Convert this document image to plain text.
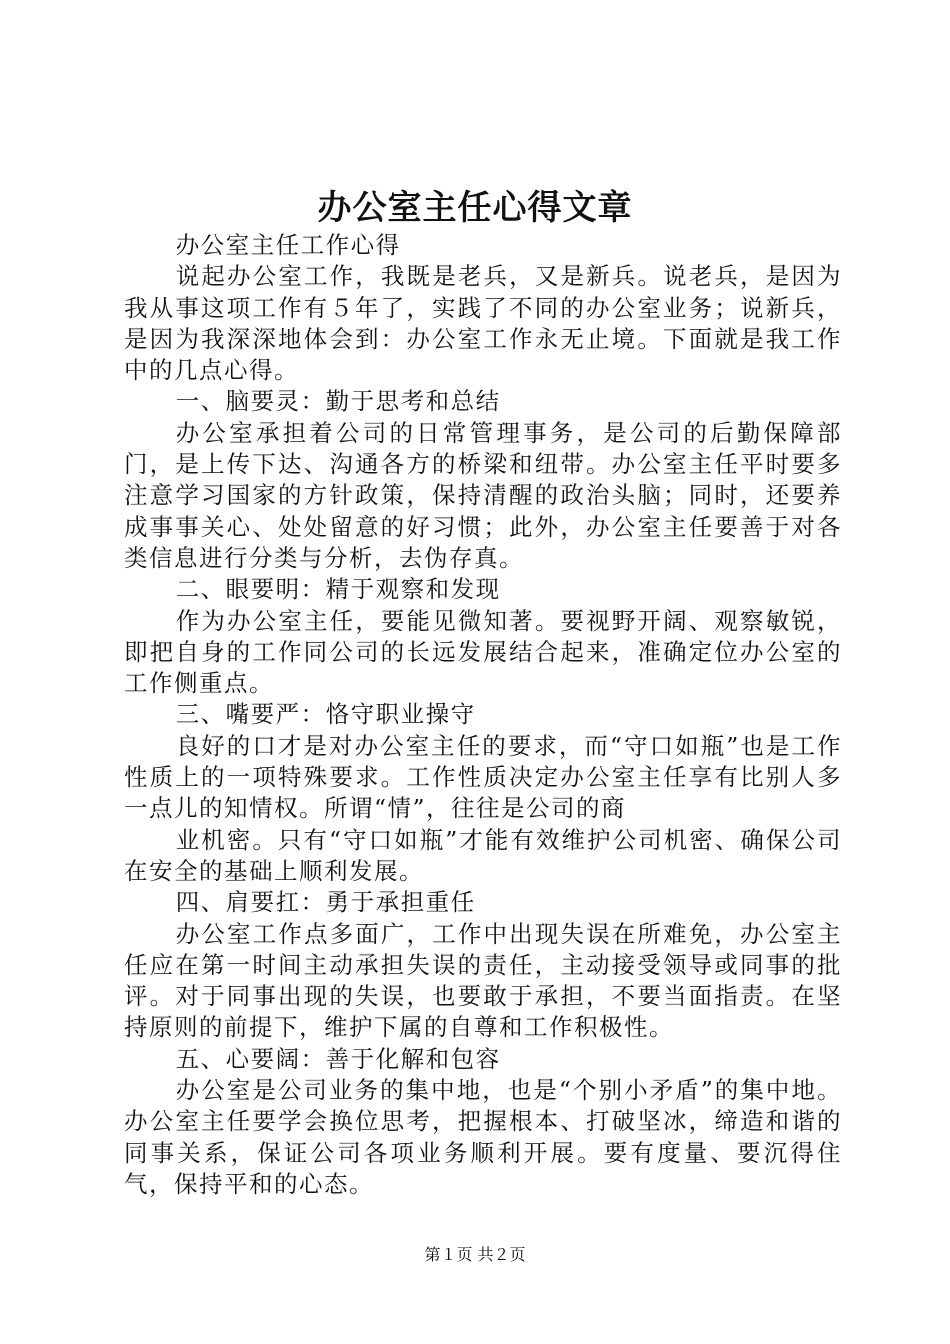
办公室主任心得文章

办公室主任工作心得

说起办公室工作，我既是老兵，又是新兵。说老兵，是因为我从事这项工作有５年了，实践了不同的办公室业务；说新兵，是因为我深深地体会到：办公室工作永无止境。下面就是我工作中的几点心得。

一、脑要灵：勤于思考和总结

办公室承担着公司的日常管理事务，是公司的后勤保障部门，是上传下达、沟通各方的桥梁和纽带。办公室主任平时要多注意学习国家的方针政策，保持清醒的政治头脑；同时，还要养成事事关心、处处留意的好习惯；此外，办公室主任要善于对各类信息进行分类与分析，去伪存真。

二、眼要明：精于观察和发现

作为办公室主任，要能见微知著。要视野开阔、观察敏锐，即把自身的工作同公司的长远发展结合起来，准确定位办公室的工作侧重点。

三、嘴要严：恪守职业操守

良好的口才是对办公室主任的要求，而“守口如瓶”也是工作性质上的一项特殊要求。工作性质决定办公室主任享有比别人多一点儿的知情权。所谓“情”，往往是公司的商

业机密。只有“守口如瓶”才能有效维护公司机密、确保公司在安全的基础上顺利发展。

四、肩要扛：勇于承担重任

办公室工作点多面广，工作中出现失误在所难免，办公室主任应在第一时间主动承担失误的责任，主动接受领导或同事的批评。对于同事出现的失误，也要敢于承担，不要当面指责。在坚持原则的前提下，维护下属的自尊和工作积极性。

五、心要阔：善于化解和包容

办公室是公司业务的集中地，也是“个别小矛盾”的集中地。办公室主任要学会换位思考，把握根本、打破坚冰，缔造和谐的同事关系，保证公司各项业务顺利开展。要有度量、要沉得住气，保持平和的心态。

第１页 共２页
